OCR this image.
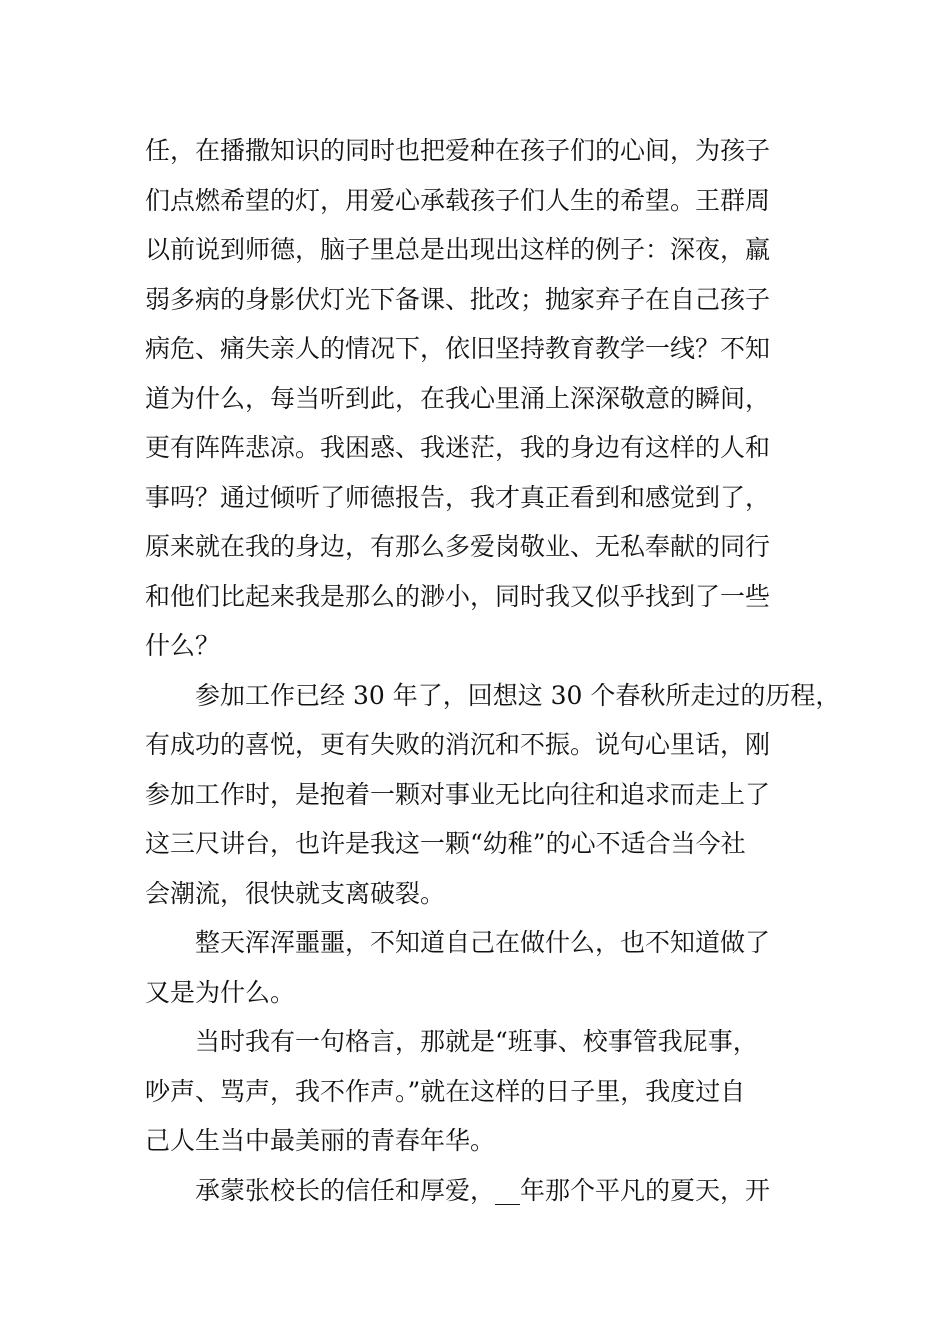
任，在播撒知识的同时也把爱种在孩子们的心间，为孩子
们点燃希望的灯，用爱心承载孩子们人生的希望。王群周
以前说到师德，脑子里总是出现出这样的例子：深夜，羸
弱多病的身影伏灯光下备课、批改；抛家弃子在自己孩子
病危、痛失亲人的情况下，依旧坚持教育教学一线？不知
道为什么，每当听到此，在我心里涌上深深敬意的瞬间，
更有阵阵悲凉。我困惑、我迷茫，我的身边有这样的人和
事吗？通过倾听了师德报告，我才真正看到和感觉到了，
原来就在我的身边，有那么多爱岗敬业、无私奉献的同行
和他们比起来我是那么的渺小，同时我又似乎找到了一些
什么？
参加工作已经 30 年了，回想这 30 个春秋所走过的历程，
有成功的喜悦，更有失败的消沉和不振。说句心里话，刚
参加工作时，是抱着一颗对事业无比向往和追求而走上了
这三尺讲台，也许是我这一颗“幼稚”的心不适合当今社
会潮流，很快就支离破裂。
整天浑浑噩噩，不知道自己在做什么，也不知道做了
又是为什么。
当时我有一句格言，那就是“班事、校事管我屁事，
吵声、骂声，我不作声。”就在这样的日子里，我度过自
己人生当中最美丽的青春年华。
承蒙张校长的信任和厚爱，__年那个平凡的夏天，开
